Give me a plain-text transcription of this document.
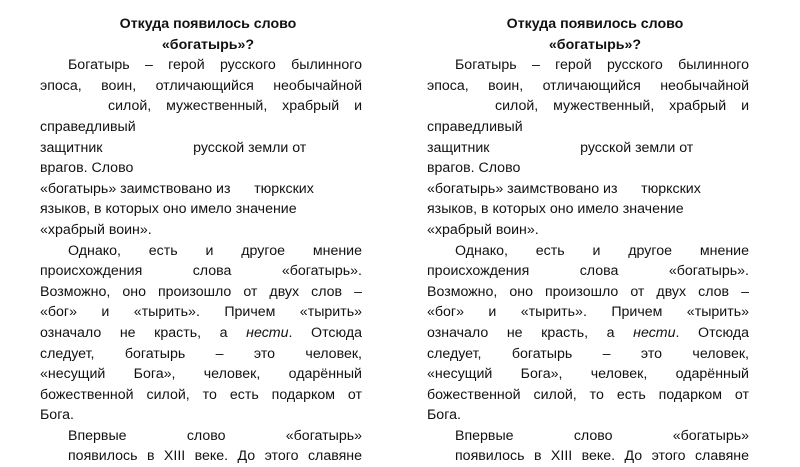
Откуда появилось слово
«богатырь»?
Богатырь – герой русского былинного
эпоса, воин, отличающийся необычайной
силой, мужественный, храбрый и
справедливый
защитник                       русской земли от
врагов. Слово
«богатырь» заимствовано из      тюркских
языков, в которых оно имело значение
«храбрый воин».
Однако, есть и другое мнение
происхождения слова «богатырь».
Возможно, оно произошло от двух слов –
«бог» и «тырить». Причем «тырить»
означало не красть, а нести. Отсюда
следует, богатырь – это человек,
«несущий Бога», человек, одарённый
божественной силой, то есть подарком от
Бога.
Впервые слово «богатырь»
появилось в XIII веке. До этого славяне
Откуда появилось слово
«богатырь»?
Богатырь – герой русского былинного
эпоса, воин, отличающийся необычайной
силой, мужественный, храбрый и
справедливый
защитник                       русской земли от
врагов. Слово
«богатырь» заимствовано из      тюркских
языков, в которых оно имело значение
«храбрый воин».
Однако, есть и другое мнение
происхождения слова «богатырь».
Возможно, оно произошло от двух слов –
«бог» и «тырить». Причем «тырить»
означало не красть, а нести. Отсюда
следует, богатырь – это человек,
«несущий Бога», человек, одарённый
божественной силой, то есть подарком от
Бога.
Впервые слово «богатырь»
появилось в XIII веке. До этого славяне
